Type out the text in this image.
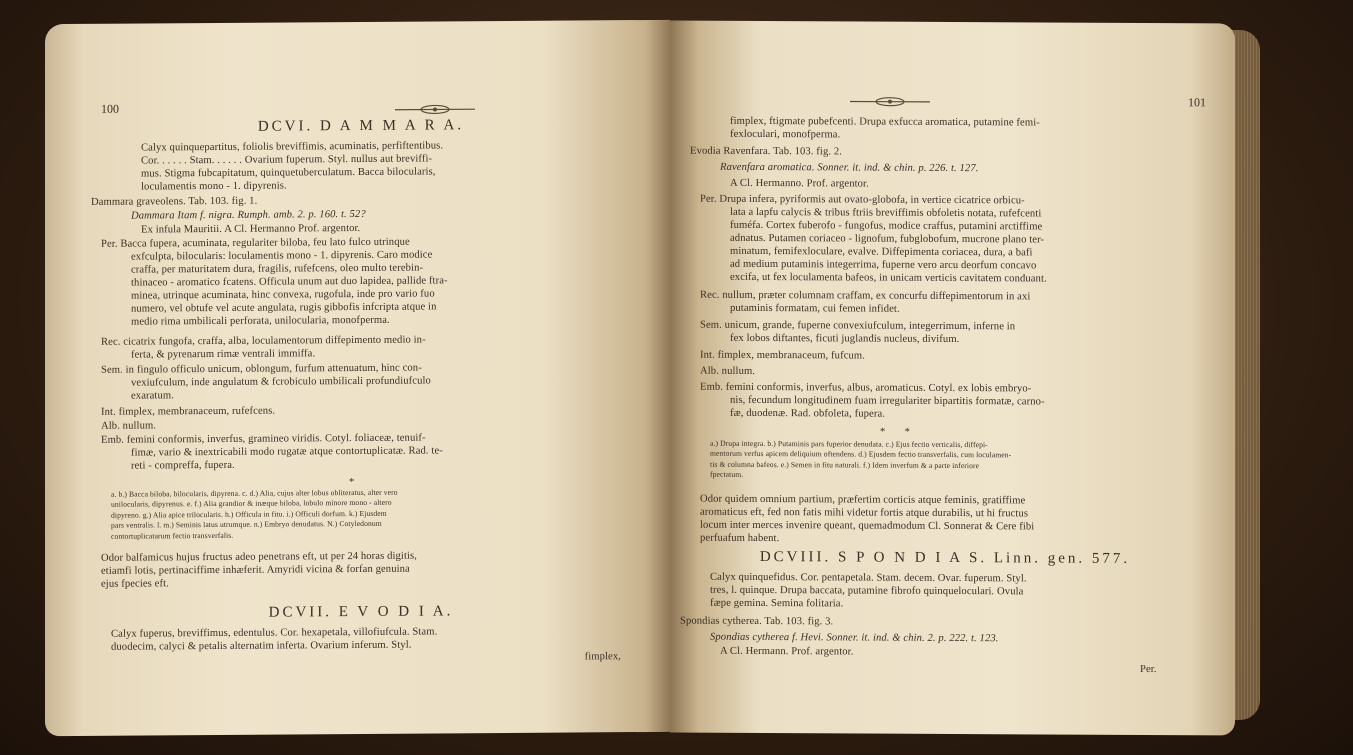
100
DCVI. D A M M A R A.
Calyx quinquepartitus, foliolis breviffimis, acuminatis, perfiftentibus.
Cor. . . . . . Stam. . . . . . Ovarium fuperum. Styl. nullus aut breviffi-
mus. Stigma fubcapitatum, quinquetuberculatum. Bacca bilocularis,
loculamentis mono - 1. dipyrenis.
Dammara graveolens. Tab. 103. fig. 1.
Dammara Itam f. nigra. Rumph. amb. 2. p. 160. t. 52?
Ex infula Mauritii. A Cl. Hermanno Prof. argentor.
Per. Bacca fupera, acuminata, regulariter biloba, feu lato fulco utrinque
exfculpta, bilocularis: loculamentis mono - 1. dipyrenis. Caro modice
craffa, per maturitatem dura, fragilis, rufefcens, oleo multo terebin-
thinaceo - aromatico fcatens. Officula unum aut duo lapidea, pallide ftra-
minea, utrinque acuminata, hinc convexa, rugofula, inde pro vario fuo
numero, vel obtufe vel acute angulata, rugis gibbofis infcripta atque in
medio rima umbilicali perforata, unilocularia, monofperma.
Rec. cicatrix fungofa, craffa, alba, loculamentorum diffepimento medio in-
ferta, & pyrenarum rimæ ventrali immiffa.
Sem. in fingulo officulo unicum, oblongum, furfum attenuatum, hinc con-
vexiufculum, inde angulatum & fcrobiculo umbilicali profundiufculo
exaratum.
Int. fimplex, membranaceum, rufefcens.
Alb. nullum.
Emb. femini conformis, inverfus, gramineo viridis. Cotyl. foliaceæ, tenuif-
fimæ, vario & inextricabili modo rugatæ atque contortuplicatæ. Rad. te-
reti - compreffa, fupera.
*
a. b.) Bacca biloba, bilocularis, dipyrena. c. d.) Alia, cujus alter lobus obliteratus, alter vero
unilocularis, dipyrenus. e. f.) Alia grandior & inæque biloba, lobulo minore mono - altero
dipyreno. g.) Alia apice trilocularis. h.) Officula in fitu. i.) Officuli dorfum. k.) Ejusdem
pars ventralis. l. m.) Seminis latus utrumque. n.) Embryo denudatus. N.) Cotyledonum
contortuplicatarum fectio transverfalis.
Odor balfamicus hujus fructus adeo penetrans eft, ut per 24 horas digitis,
etiamfi lotis, pertinaciffime inhæferit. Amyridi vicina & forfan genuina
ejus fpecies eft.
DCVII. E V O D I A.
Calyx fuperus, breviffimus, edentulus. Cor. hexapetala, villofiufcula. Stam.
duodecim, calyci & petalis alternatim inferta. Ovarium inferum. Styl.
fimplex,
101
fimplex, ftigmate pubefcenti. Drupa exfucca aromatica, putamine femi-
fexloculari, monofperma.
Evodia Ravenfara. Tab. 103. fig. 2.
Ravenfara aromatica. Sonner. it. ind. & chin. p. 226. t. 127.
A Cl. Hermanno. Prof. argentor.
Per. Drupa infera, pyriformis aut ovato-globofa, in vertice cicatrice orbicu-
lata a lapfu calycis & tribus ftriis breviffimis obfoletis notata, rufefcenti
fuméfa. Cortex fuberofo - fungofus, modice craffus, putamini arctiffime
adnatus. Putamen coriaceo - lignofum, fubglobofum, mucrone plano ter-
minatum, femifexloculare, evalve. Diffepimenta coriacea, dura, a bafi
ad medium putaminis integerrima, fuperne vero arcu deorfum concavo
excifa, ut fex loculamenta bafeos, in unicam verticis cavitatem conduant.
Rec. nullum, præter columnam craffam, ex concurfu diffepimentorum in axi
putaminis formatam, cui femen infidet.
Sem. unicum, grande, fuperne convexiufculum, integerrimum, inferne in
fex lobos diftantes, ficuti juglandis nucleus, divifum.
Int. fimplex, membranaceum, fufcum.
Alb. nullum.
Emb. femini conformis, inverfus, albus, aromaticus. Cotyl. ex lobis embryo-
nis, fecundum longitudinem fuam irregulariter bipartitis formatæ, carno-
fæ, duodenæ. Rad. obfoleta, fupera.
*       *
a.) Drupa integra. b.) Putaminis pars fuperior denudata. c.) Ejus fectio verticalis, diffepi-
mentorum verfus apicem deliquium oftendens. d.) Ejusdem fectio transverfalis, cum loculamen-
tis & columna bafeos. e.) Semen in fitu naturali. f.) Idem inverfum & a parte inferiore
fpectatum.
Odor quidem omnium partium, præfertim corticis atque feminis, gratiffime
aromaticus eft, fed non fatis mihi videtur fortis atque durabilis, ut hi fructus
locum inter merces invenire queant, quemadmodum Cl. Sonnerat & Cere fibi
perfuafum habent.
DCVIII. S P O N D I A S. Linn. gen. 577.
Calyx quinquefidus. Cor. pentapetala. Stam. decem. Ovar. fuperum. Styl.
tres, l. quinque. Drupa baccata, putamine fibrofo quinqueloculari. Ovula
fæpe gemina. Semina folitaria.
Spondias cytherea. Tab. 103. fig. 3.
Spondias cytherea f. Hevi. Sonner. it. ind. & chin. 2. p. 222. t. 123.
A Cl. Hermann. Prof. argentor.
Per.
